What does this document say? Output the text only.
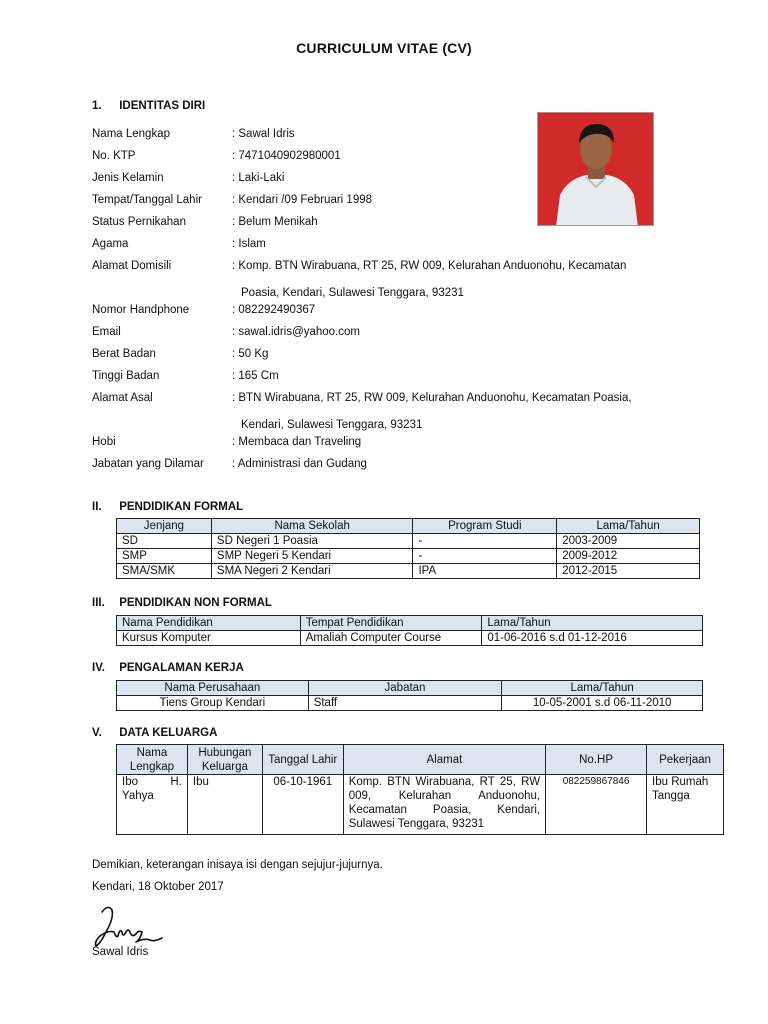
CURRICULUM VITAE (CV)
1. IDENTITAS DIRI
Nama Lengkap	: Sawal Idris
No. KTP	: 7471040902980001
Jenis Kelamin	: Laki-Laki
Tempat/Tanggal Lahir	: Kendari /09 Februari 1998
Status Pernikahan	: Belum Menikah
Agama	: Islam
Alamat Domisili	: Komp. BTN Wirabuana, RT 25, RW 009, Kelurahan Anduonohu, Kecamatan
Poasia, Kendari, Sulawesi Tenggara, 93231
Nomor Handphone	: 082292490367
Email	: sawal.idris@yahoo.com
Berat Badan	: 50 Kg
Tinggi Badan	: 165 Cm
Alamat Asal	: BTN Wirabuana, RT 25, RW 009, Kelurahan Anduonohu, Kecamatan Poasia,
Kendari, Sulawesi Tenggara, 93231
Hobi	: Membaca dan Traveling
Jabatan yang Dilamar : Administrasi dan Gudang
II. PENDIDIKAN FORMAL
Jenjang	Nama Sekolah	Program Studi	Lama/Tahun
SD	SD Negeri 1 Poasia	-	2003-2009
SMP	SMP Negeri 5 Kendari	-	2009-2012
SMA/SMK	SMA Negeri 2 Kendari	IPA	2012-2015
III. PENDIDIKAN NON FORMAL
Nama Pendidikan	Tempat Pendidikan	Lama/Tahun
Kursus Komputer	Amaliah Computer Course	01-06-2016 s.d 01-12-2016
IV. PENGALAMAN KERJA
Nama Perusahaan	Jabatan	Lama/Tahun
Tiens Group Kendari	Staff	10-05-2001 s.d 06-11-2010
V. DATA KELUARGA
Nama Lengkap	Hubungan Keluarga	Tanggal Lahir	Alamat	No.HP	Pekerjaan
Ibo H. Yahya	Ibu	06-10-1961	Komp. BTN Wirabuana, RT 25, RW 009, Kelurahan Anduonohu, Kecamatan Poasia, Kendari, Sulawesi Tenggara, 93231	082259867846	Ibu Rumah Tangga
Demikian, keterangan inisaya isi dengan sejujur-jujurnya.
Kendari, 18 Oktober 2017
Sawal Idris
